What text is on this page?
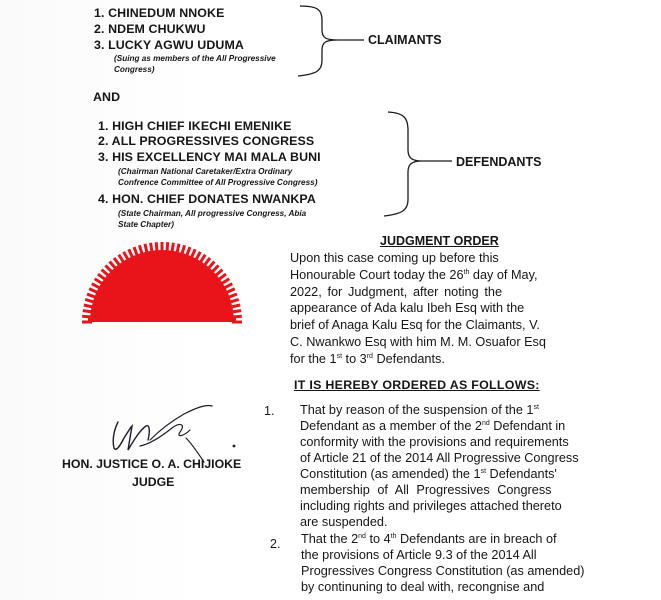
1. CHINEDUM NNOKE
2. NDEM CHUKWU
3. LUCKY AGWU UDUMA
(Suing as members of the All Progressive
Congress)
CLAIMANTS
AND
1. HIGH CHIEF IKECHI EMENIKE
2. ALL PROGRESSIVES CONGRESS
3. HIS EXCELLENCY MAI MALA BUNI
(Chairman National Caretaker/Extra Ordinary
Confrence Committee of All Progressive Congress)
4. HON. CHIEF DONATES NWANKPA
(State Chairman, All progressive Congress, Abia
State Chapter)
DEFENDANTS
JUDGMENT ORDER
Upon this case coming up before this
Honourable Court today the 26th day of May,
2022, for Judgment, after noting the
appearance of Ada kalu Ibeh Esq with the
brief of Anaga Kalu Esq for the Claimants, V.
C. Nwankwo Esq with him M. M. Osuafor Esq
for the 1st to 3rd Defendants.
IT IS HEREBY ORDERED AS FOLLOWS:
1. That by reason of the suspension of the 1st
Defendant as a member of the 2nd Defendant in
conformity with the provisions and requirements
of Article 21 of the 2014 All Progressive Congress
Constitution (as amended) the 1st Defendants'
membership of All Progressives Congress
including rights and privileges attached thereto
are suspended.
2. That the 2nd to 4th Defendants are in breach of
the provisions of Article 9.3 of the 2014 All
Progressives Congress Constitution (as amended)
by continuning to deal with, recongnise and
HON. JUSTICE O. A. CHIJIOKE
JUDGE
